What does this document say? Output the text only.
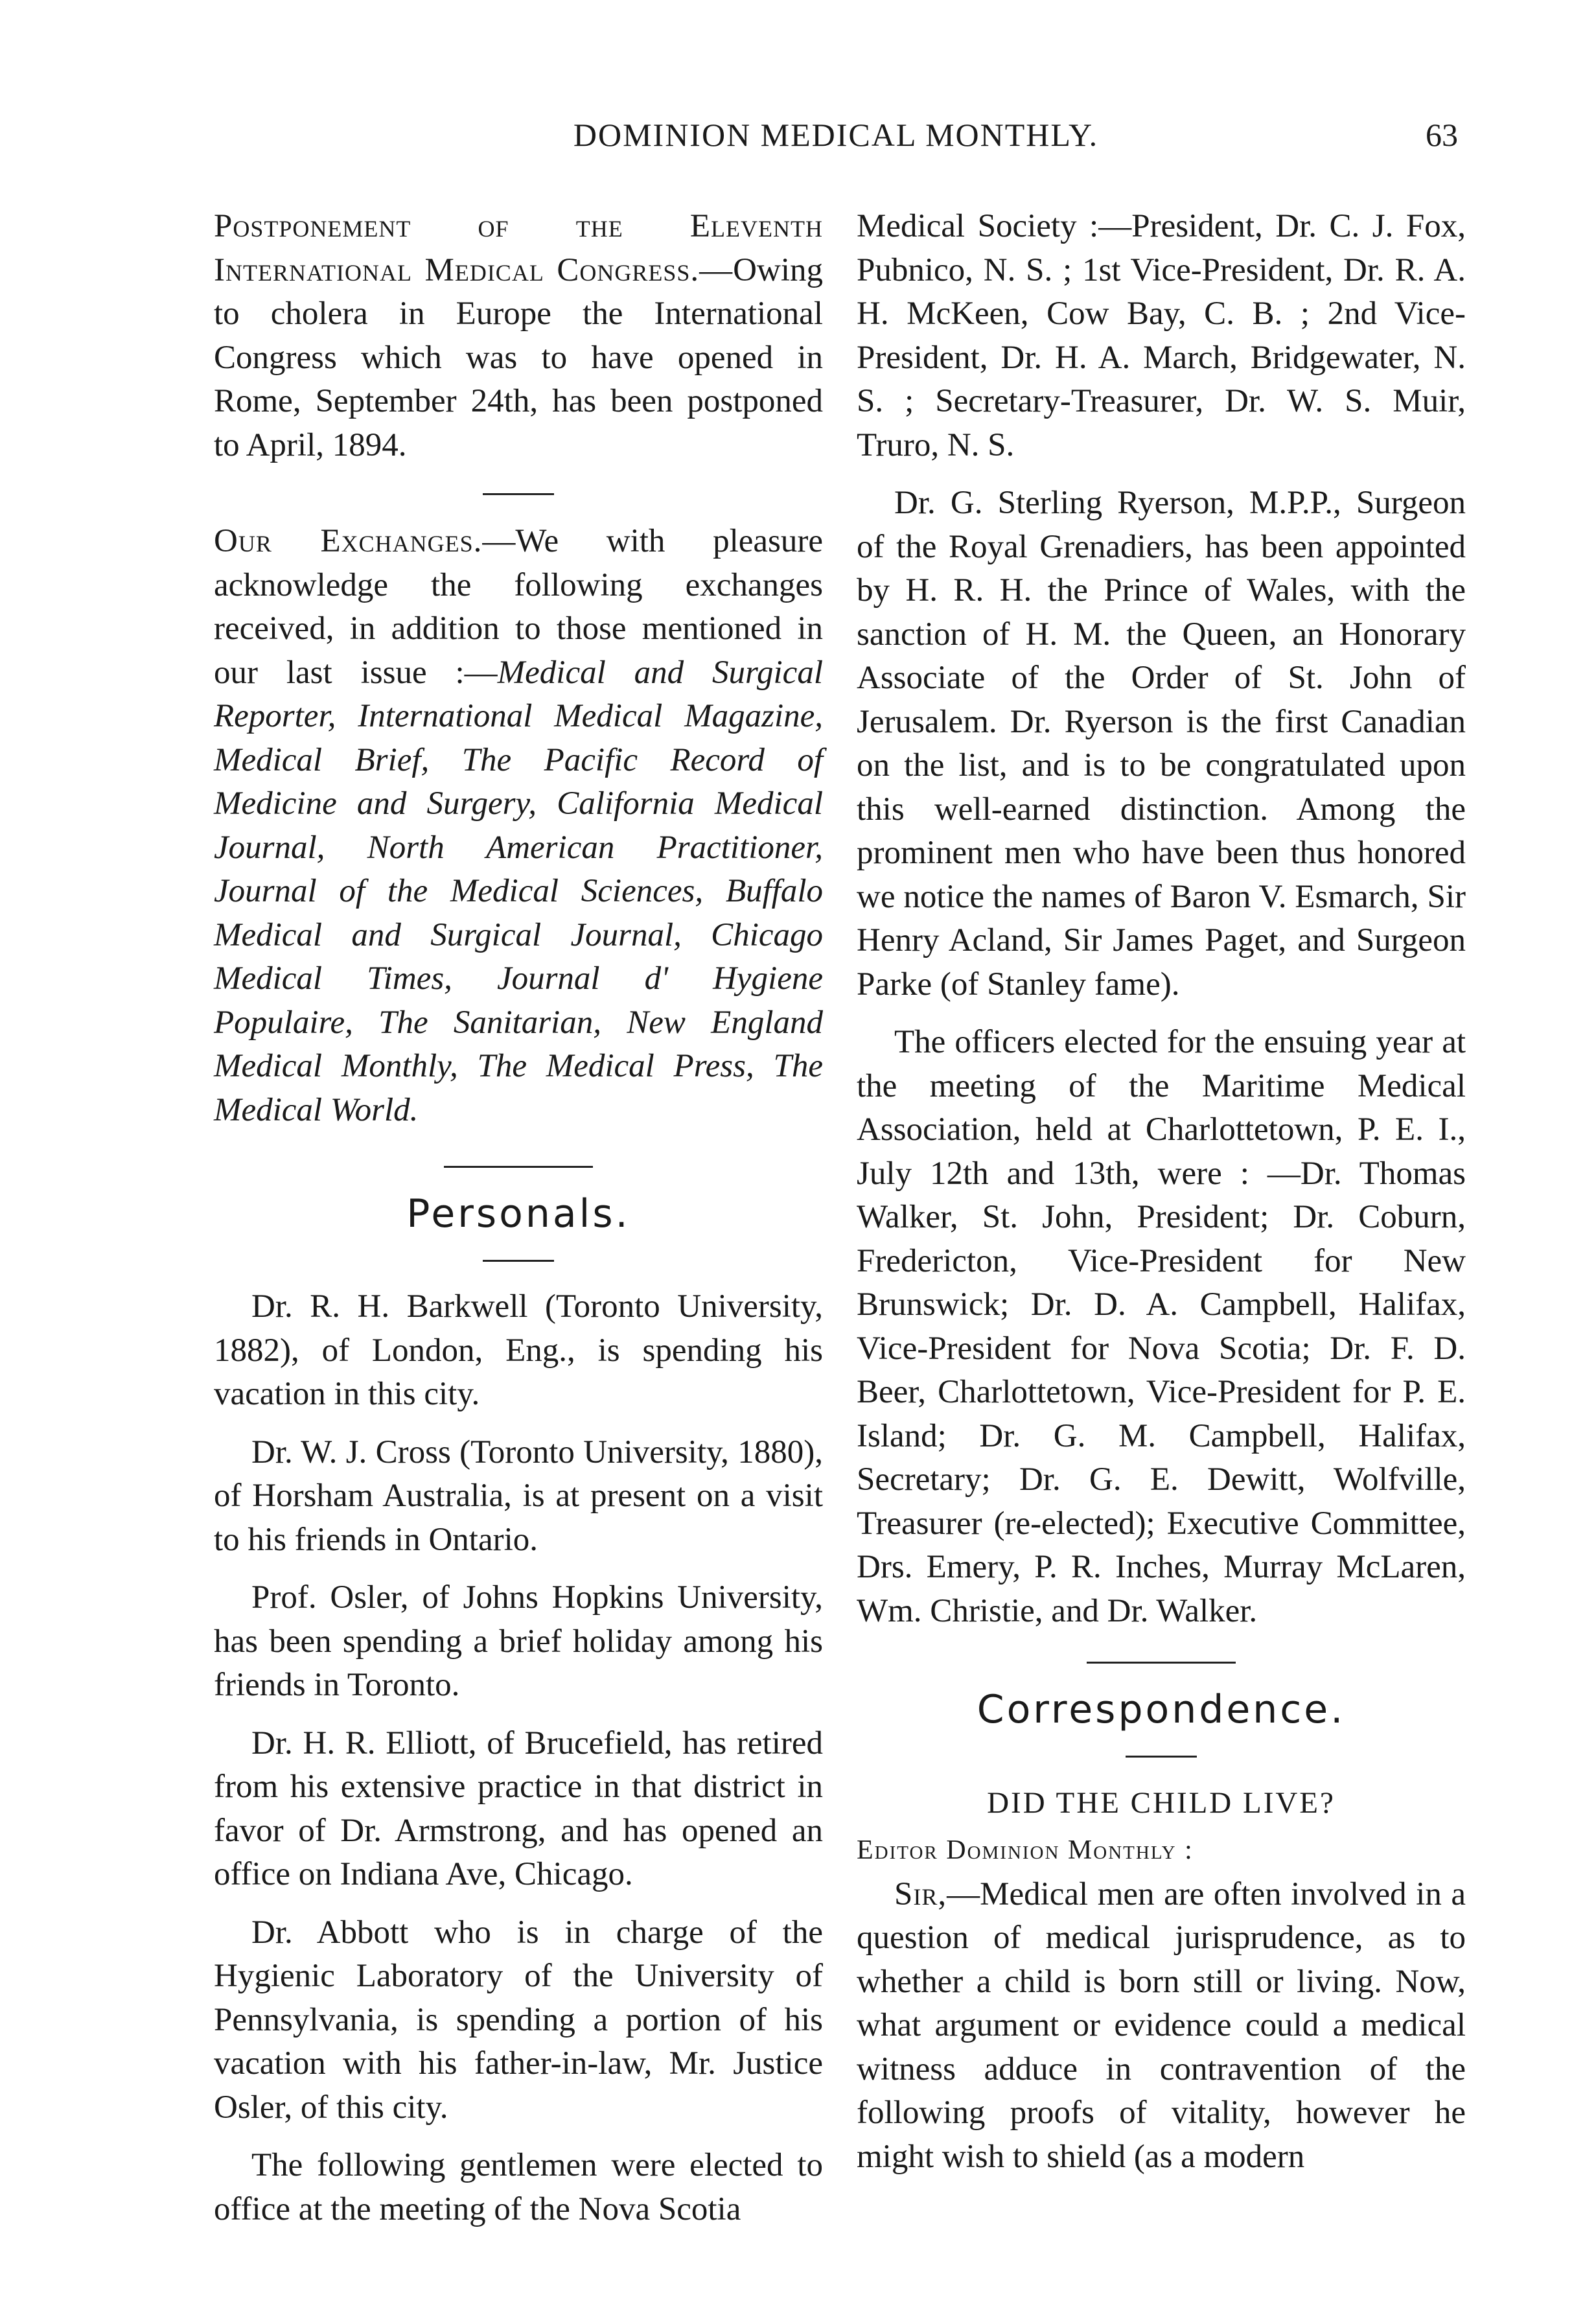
DOMINION MEDICAL MONTHLY.	63

Postponement of the Eleventh International Medical Congress.—Owing to cholera in Europe the International Congress which was to have opened in Rome, September 24th, has been postponed to April, 1894.

Our Exchanges.—We with pleasure acknowledge the following exchanges received, in addition to those mentioned in our last issue :—Medical and Surgical Reporter, International Medical Magazine, Medical Brief, The Pacific Record of Medicine and Surgery, California Medical Journal, North American Practitioner, Journal of the Medical Sciences, Buffalo Medical and Surgical Journal, Chicago Medical Times, Journal d' Hygiene Populaire, The Sanitarian, New England Medical Monthly, The Medical Press, The Medical World.

Personals.

Dr. R. H. Barkwell (Toronto University, 1882), of London, Eng., is spending his vacation in this city.

Dr. W. J. Cross (Toronto University, 1880), of Horsham Australia, is at present on a visit to his friends in Ontario.

Prof. Osler, of Johns Hopkins University, has been spending a brief holiday among his friends in Toronto.

Dr. H. R. Elliott, of Brucefield, has retired from his extensive practice in that district in favor of Dr. Armstrong, and has opened an office on Indiana Ave, Chicago.

Dr. Abbott who is in charge of the Hygienic Laboratory of the University of Pennsylvania, is spending a portion of his vacation with his father-in-law, Mr. Justice Osler, of this city.

The following gentlemen were elected to office at the meeting of the Nova Scotia

Medical Society :—President, Dr. C. J. Fox, Pubnico, N. S. ; 1st Vice-President, Dr. R. A. H. McKeen, Cow Bay, C. B. ; 2nd Vice-President, Dr. H. A. March, Bridgewater, N. S. ; Secretary-Treasurer, Dr. W. S. Muir, Truro, N. S.

Dr. G. Sterling Ryerson, M.P.P., Surgeon of the Royal Grenadiers, has been appointed by H. R. H. the Prince of Wales, with the sanction of H. M. the Queen, an Honorary Associate of the Order of St. John of Jerusalem. Dr. Ryerson is the first Canadian on the list, and is to be congratulated upon this well-earned distinction. Among the prominent men who have been thus honored we notice the names of Baron V. Esmarch, Sir Henry Acland, Sir James Paget, and Surgeon Parke (of Stanley fame).

The officers elected for the ensuing year at the meeting of the Maritime Medical Association, held at Charlottetown, P. E. I., July 12th and 13th, were : —Dr. Thomas Walker, St. John, President; Dr. Coburn, Fredericton, Vice-President for New Brunswick; Dr. D. A. Campbell, Halifax, Vice-President for Nova Scotia; Dr. F. D. Beer, Charlottetown, Vice-President for P. E. Island; Dr. G. M. Campbell, Halifax, Secretary; Dr. G. E. Dewitt, Wolfville, Treasurer (re-elected); Executive Committee, Drs. Emery, P. R. Inches, Murray McLaren, Wm. Christie, and Dr. Walker.

Correspondence.

DID THE CHILD LIVE?

Editor Dominion Monthly :

Sir,—Medical men are often involved in a question of medical jurisprudence, as to whether a child is born still or living. Now, what argument or evidence could a medical witness adduce in contravention of the following proofs of vitality, however he might wish to shield (as a modern
